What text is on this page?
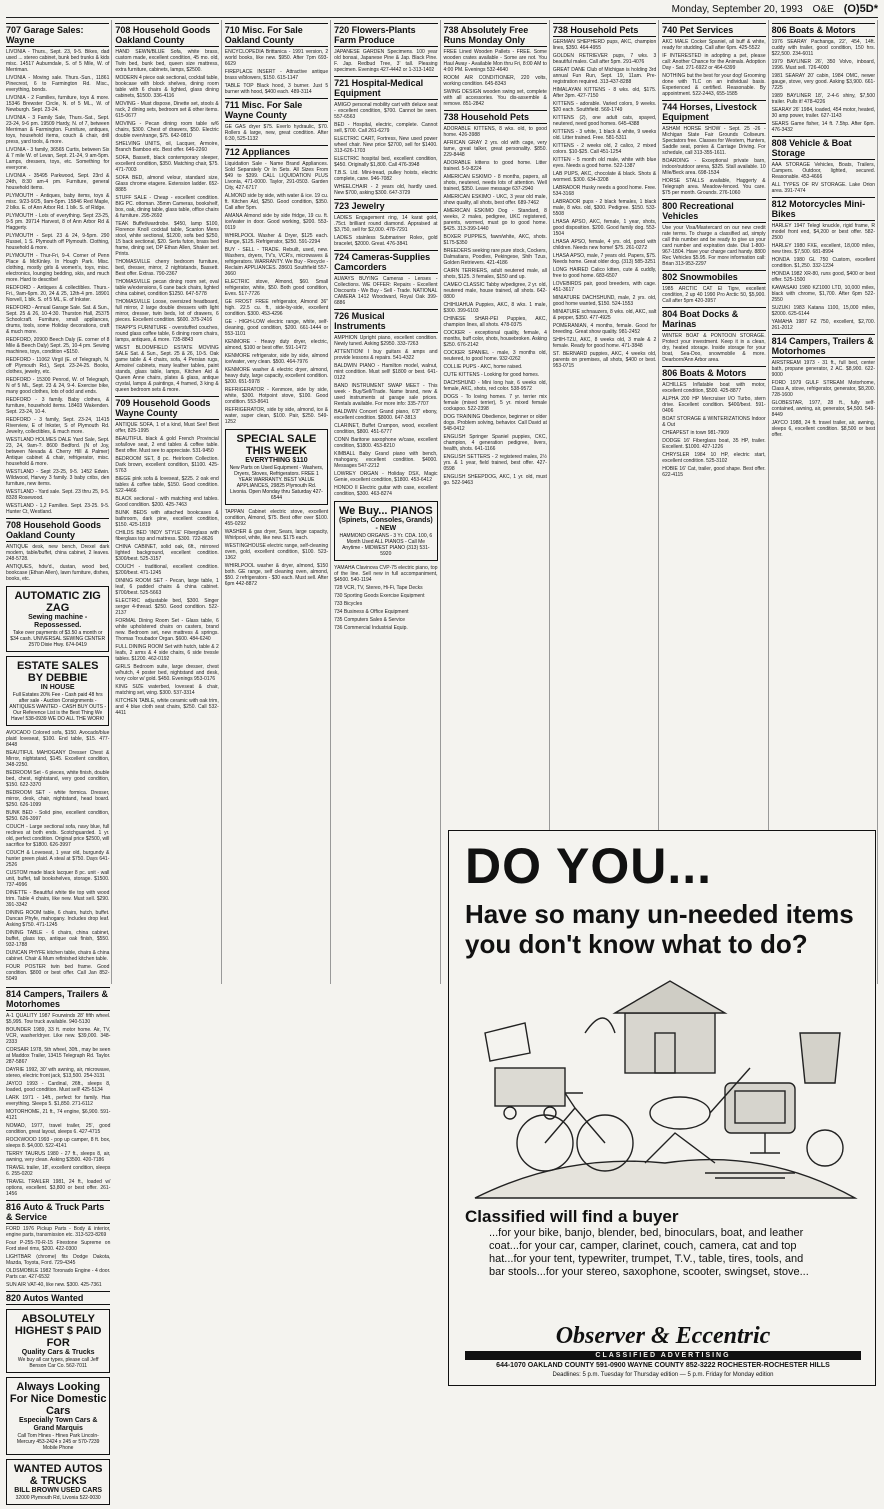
Monday, September 20, 1993 O&E (O)5D*
707 Garage Sales: Wayne
LIVONIA - Thurs., Sept. 23, 9-5. Bikes, dad used ... stereo cabinet, bunk bed trunks & kids misc. 14517 Auburndale, S. of 5 Mile, W. of Merriman.
LIVONIA - Moving sale. Thurs.-Sun., 11861 Pinecrest, 6 to Farmington Rd. Misc., everything, bonds.
LIVONIA - 2 Families, furniture, toys & more. 15346 Brewster Circle, N. of 5 ML., W. of Newburgh. Sept. 23-24.
LIVONIA - 3 Family Sale, Thurs.-Sat., Sept. 23-24, 9-6 pm. 19509 Hardy, N. of 7, between Merriman & Farmington. Furniture, antiques, toys, household items, couch & chair, drill press, yard tools, & more.
LIVONIA - 3 family, 36565 Curtis, between Six & 7 mile W. of Levan, Sept. 21-24, 9 am-5pm. Lamps, dressers, toys, etc. Something for everyone.
LIVONIA - 35495 Parkwood, Sept. 23rd & 24th, 8:30 am-4 pm. Furniture, general household items.
PLYMOUTH - Antiques, baby items, toys & misc. 9/23-9/25, 9am-5pm. 15846 Red Maple, 2 blks. E. of Ann Arbor Rd. 1 blk. S. of Ridge.
PLYMOUTH - Lots of everything. Sept 23-25, 9-5 pm. 39714 Harvest, 8 of Ann Arbor Rd & Haggerty.
PLYMOUTH - Sept. 23 & 24, 9-5pm. 290 Russel, 1 S. Plymouth off Plymouth. Clothing, household & more.
PLYMOUTH - Thur-Fri, 9-4. Corner of Penn Place & McKinley. In Hough Park. Misc. clothing, mostly girls & women's, toys, misc. electronics, lounging bedding, skis, and much more. Hard to describe!
REDFORD - Antiques & collectibles. Thurs.-Fri., 9am-6pm. 20, 24 & 25, 12th-4 pm. 18901 Norvell, 1 blk. S. of 5 ML, E. of Inkster.
REDFORD - Annual Garage Sale. Sat. & Sun., Sept. 25 & 26, 10-4:30. Thurston Hall, 25375 Schoolcraft. Furniture, small appliances, drums, tools, some Holiday decorations, craft & much more.
REDFORD, 20900 Beech Daly (E. corner of 8 Mile & Beech Daly) Sept. 25, 10-4 pm. Sewing machines, toys, condition +$150.
REDFORD - 11062 Virgil (E. of Telegraph, N. off Plymouth Rd.), Sept. 23-24-25. Books, clothes, jewelry, etc.
REDFORD - 15300 Penrod, W. of Telegraph, N of 5 ML, Sept. 23 & 24, 9-4. Exercise bike, many good clothes, lots of odd and ends.
REDFORD - 3 family. Baby clothes, & furniture, household items. 18403 Wakenden. Sept. 23-24, 10-4.
REDFORD - 3 family, Sept. 23-24, 11415 Riverview, E of Inkster, S of Plymouth Rd. Jewelry, collectibles, & much more.
WESTLAND HOLMES DALE Yard Sale, Sept. 23, 24, 9am-?. 8600 Bedford. (N of Joy, between Nevada & Cherry Hill & Palmer) Antique cabinet & chair, refrigerator, misc. household & more.
WESTLAND - Sept 23-25, 9-5. 1452 Edwin. Wildwood, Harvey 3 family. 3 baby cribs, den furniture, new items.
WESTLAND - Yard sale. Sept. 23 thru 25, 9-5. 8328 Rosewood.
WESTLAND - 1,2 Families. Sept. 23-25. 9-5. Hunter Ct, Westland.
708 Household Goods Oakland County
ANTIQUE desk, new bench, Drexel dark modern, table/buffet, china cabinet, 2 leaves. 248-5728.
ANTIQUES, hdw'd., dustan, wood bed, bookcase (Ethan Allen), lawn furniture, dishes, books, etc.
AUTOMATIC ZIG ZAG
Sewing machine - Repossessed.
Take over payments of $3.50 a month or $34 cash. UNIVERSAL SEWING CENTER 2570 Dixie Hwy. 674-0419
ESTATE SALES BY DEBBIE
IN HOUSE
Full Estates 20% Fee - Cash paid 48 hrs after sale - Auction Consignments - ANTIQUES WANTED - CASH BUY OUTS - Our Reference List is the Best Thing We Have! 538-0939 WE DO ALL THE WORK!
AVOCADO Colored sofa, $150. Avocado/blue plaid loveseat, $100. End table, $15. 477-8448
BEAUTIFUL MAHOGANY Dresser Chest & Mirror, nightstand, $145. Excellent condition, 348-2250.
BEDROOM Set - 6 pieces, white finish, double bed, chest, nightstand, very good condition, $150. 622-3370
BEDROOM SET - white formica. Dresser, mirror, desk, chair, nightstand, head board. $250. 626-1099
BUNK BED - Solid pine, excellent condition, $250. 626-3997
COUCH - Large sectional sofa, navy blue, full reclines at both ends. Scotchguarded. 1 yr. old, perfect condition. Original price $2500, will sacrifice for $1800. 626-3997
COUCH & Loveseat, 1 year old, burgundy & hunter green plaid. A steal at $750. Days 641-2526
CUSTOM made black lacquer 8 pc. unit - wall unit, buffet, tall bookshelves, storage. $1500. 737-4996
DINETTE - Beautiful white tile top with wood trim. Table 4 chairs, like new. Must sell. $290. 391-3342
DINING ROOM table, 6 chairs, hutch, buffet. Duncan Phyfe, mahogany. Includes drop leaf. Asking $750. 471-1245
DINING TABLE - 6 chairs, china cabinet, buffet, glass top, antique oak finish, $550. 932-1788
DUNCAN PHYFE kitchen table, chairs & china cabinet. Chair & Mum refinished kitchen table.
FOUR POSTER twin bed frame. Good condition. $800 or best offer. Call Jan 852-5049
708 Household Goods Oakland County
HAND SEWN/BLUE Sofa, white brass, custom made, excellent condition, 45 mo. old, Twin bed, bunk bed, queen size mattress, extra furniture, cabinets, lamps, $2500.
MODERN 4 piece oak sectional, cocktail table, bookcase with block shelves, dining room table with 6 chairs & lighted, glass dining cabinets, $1500. 336-4116
MOVING - Must dispose, Dinette set, stools & rack, 2 dining sets, bedroom set & other items. 615-0677
MOVING - Pecan dining room table w/6 chairs, $300. Chest of drawers, $50. Electric double oven/range, $75. 642-0810
SHELVING UNITS, oil, Lacquer, Armoire, Branch Bamboo etc. Best offer. 646-2260
SOFA, Bassett, black contemporary sleeper, excellent condition, $350. Matching chair, $75. 471-7003
SOFA BED, almond velour, standard size, Glass chrome etagere. Extension ladder. 652-8885
STUFF SALE - Cheap - excellent condition. BIG PC. ottoman. 35mm Cameras, bookshelf, box, oak, dining table, glass table, office chairs & furniture. 295-2692
TEAK Buffet/wardrobe. $450, lamp $100, Florence Knoll cocktail table, Scanlon Mens stool, white sectional, $1200, sofa bed $250, 15 back sectional, $20. Serta futon, brass bed frame, dining set, DP Ethan Allen, Shaker set. Prints.
THOMASVILLE cherry bedroom furniture, bed, dresser, mirror, 2 nightstands, Bassett. Best offer. Extras. 790-2367
THOMASVILLE pecan dining room set, oval table w/extensions, 6 cane back chairs, lighted china cabinet, condition $1250. 647-5778
THOMASVILLE Loose, oversized headboard, full mirror, 2 large double dressers with light mirror, dresser, twin beds, lot of drawers, 6 pieces. Excellent condition. $600. 375-2416
TRAPP'S FURNITURE - overstuffed couches, round glass coffee table, 6 dining room chairs, lamps, antiques, & more. 735-8843
WEST BLOOMFIELD ESTATE MOVING SALE Sat. & Sun., Sept. 25 & 26, 10-5. Oak game table & 4 chairs, sofa, 4 Persian rugs, Armoire/ cabinets, many leather tables, paint stands, glass table, lamps, Kitchen Aid & Queen Anne chairs, plates & glass, antique crystal, lamps & paintings, 4 framed, 3 king & queen bedroom sets & more.
709 Household Goods Wayne County
ANTIQUE SOFA, 1 of a kind, Must See! Best offer, 825-1995
BEAUTIFUL black & gold French Provincial sofa/love seat, 2 end tables & coffee table. Best offer. Must see to appreciate. 531-9450
BEDROOM SET, 8 pc. Heirloom Collection. Dark brown, excellent condition, $1100. 425-5763
BIEGE pink sofa & loveseat, $225. 2 oak end tables & coffee table, $150. Good condition. 522-4466
BLACK sectional - with matching end tables. Good condition. $200. 425-7463
BUNK BEDS with attached bookcases & bathroom, dark pine, excellent condition, $150. 425-1819
CHILDS BED 'INDY STYLE' Fiberglass with fiberglass top and mattress. $300. 722-8626
CHINA CABINET, solid oak, 6ft., mirrored lighted background, excellent condition. $300/best. 525-3157
COUCH - traditional, excellent condition. $200/best. 471-1245
DINING ROOM SET - Pecan, large table, 1 leaf, 6 padded chairs & china cabinet. $700/best. 525-5663
ELECTRIC adjustable bed, $300. Singer serger 4-thread. $250. Good condition. 522-2137
FORMAL Dining Room Set - Glass table, 6 white upholstered chairs on casters, brand new. Bedroom set, new mattress & springs. Thomas Troubador Organ. $600. 484-6240
FULL DINING ROOM Set with hutch, table & 2 leafs, 2 arms & 4 side chairs, 6 side tressle tables. $1200. 462-0192
GIRLS Bedroom suite, large dresser, chest w/hutch, 4 poster bed, nightstand and desk, ivory color w/ gold. $450. Evenings 953-0176
KING SIZE waterbed, loveseat & chair, matching set, wing. $300. 537-3314
KITCHEN TABLE, white ceramic with oak trim, and 4 blue cloth seat chairs, $250. Call 532-4411
710 Misc. For Sale Oakland County
ENCYCLOPEDIA Brittanica - 1991 version, 2 world books, like new. $950. After 7pm 693-6629
FIREPLACE INSERT - Attractive antique brass w/blowers, $150. 615-1147
TABLE TOP Black hood, 3 burner. Just 5 burner with hood, $400 each. 489-3114
711 Misc. For Sale Wayne County
GE GAS dryer $75. Everlo hydraulic, $70. Rollers & large, new, great condition. After 6:30, 525-1132
712 Appliances
Liquidation Sale - Name Brand Appliances. Sold Separately Or In Sets. All Sizes From $49 to $399. CALL LIQUIDATION PLUS Livonia, 471-0000. Taylor, 291-0503. Garden City, 427-6717
ALMOND side by side, with water & ice. 19 cu. ft. Kitchen Aid, $250. Good condition, $350. Call after 5pm.
AMANA Almond side by side fridge, 19 cu. ft. ice/water in door. Good working, $200. 553-0119
WHIRLPOOL Washer & Dryer, $125 each. Range, $125. Refrigerator, $250. 591-2294
BUY - SELL - TRADE. Rebuilt, used, new. Washers, dryers, TV's, VCR's, microwaves & refrigerators. WARRANTY. We Buy - Recycle - Reclaim APPLIANCES. 28601 Southfield 557-3660
ELECTRIC stove, Almond, $60. Small refrigerator, white, $50. Both good condition, Eves. 517-7726
GE FROST FREE refrigerator, Almond 36" high. 22.5 cu. ft., side-by-side, excellent condition. $300. 453-4296
GE - HIGH-LOW electric range, white, self-cleaning, good condition, $200. 661-1444 or 553-1101
KENMORE - Heavy duty dryer, electric, almond, $100 or best offer. 591-1472
KENMORE refrigerator, side by side, almond ice/water, very clean. $500. 464-7976
KENMORE washer & electric dryer, almond, heavy duty, large capacity, excellent condition. $200. 651-5978
REFRIGERATOR - Kenmore, side by side, white, $300. Hotpoint stove, $100. Good condition. 553-8641
REFRIGERATOR, side by side, almond, ice & water, super clean, $100. Pair, $250. 549-1252
SPECIAL SALE THIS WEEK
EVERYTHING $110
New Parts on Used Equipment - Washers, Dryers, Stoves, Refrigerators. FREE 1 YEAR WARRANTY. BEST VALUE APPLIANCES, 29825 Plymouth Rd. Livonia. Open Monday thru Saturday 427-6544
TAPPAN Cabinet electric stove, excellent condition, Almond, $75. Best offer over $100. 455-0292
WASHER & gas dryer, Sears, large capacity, Whirlpool, white, like new. $175 each.
WESTINGHOUSE electric range, self-cleaning oven, gold, excellent condition, $100. 523-1362
WHIRLPOOL washer & dryer, almond, $150 both. GE range, self cleaning oven, almond, $50. 2 refrigerators - $30 each. Must sell. After 6pm 442-8872
720 Flowers-Plants Farm Produce
JAPANESE GARDEN Specimens. 100 year old bonsai, Japanese Pine & Jap. Black Pine. F. Jap. Redbud Tree, 3' tall. Pleasing specimen. Evenings 427-4442 or 1-313-1402
721 Hospital-Medical Equipment
AMIGO personal mobility cart with deluxe seat - excellent condition, $700. Cannot be seen. 557-6563
BED - Hospital, electric, complete. Cannot sell, $700. Call 261-6279
ELECTRIC CART, Fortress, New used power wheel chair. New price $2700, sell for $1400. 313-626-1703
ELECTRIC hospital bed, excellent condition, $450. Originally $1,800. Call 476-3948
T.B.S. Ltd. Mini-tread, pulley hoists, electric complete, cane. 946-7082
WHEELCHAIR - 2 years old, hardly used. New $700, asking $300. 647-3729
723 Jewelry
LADIES Engagement ring, 14 karat gold, .75ct. brilliant round diamond. Appraised at $3,750, sell for $2,000. 478-7291
LADIES stainless Submariner Rolex, gold bracelet, $2000. Great. 476-3841
724 Cameras-Supplies Camcorders
ALWAYS BUYING Cameras - Lenses - Collections. WE OFFER: Repairs - Excellent Discounts - We Buy - Sell - Trade. NATIONAL CAMERA 1412 Woodward, Royal Oak 399-6886
726 Musical Instruments
AMPHION Upright piano, excellent condition. Newly tuned. Asking $2950. 333-7263
ATTENTION! I buy guitars & amps and provide lessons & repairs. 541-4322
BALDWIN PIANO - Hamilton model, walnut, mint condition. Must sell! $1800 or best. 641-0122
BAND INSTRUMENT SWAP MEET - This week - Buy/Sell/Trade. Name brand, new & used instruments at garage sale prices. Rentals available. For more info: 335-7707
BALDWIN Concert Grand piano, 6'3" ebony, excellent condition. $8000. 647-3813
CLARINET, Buffet Crampon, wood, excellent condition, $800. 451-6777
CONN Baritone saxophone w/case, excellent condition, $1800. 453-8210
KIMBALL Baby Grand piano with bench, mahogany, excellent condition. $4000. Messages 547-2212
LOWREY ORGAN - Holiday DSX, Magic Genie, excellent condition, $1800. 453-6412
HONDO II Electric guitar with case, excellent condition, $300. 463-8274
We Buy... PIANOS
(Spinets, Consoles, Grands) - NEW
HAMMOND ORGANS - 3 Yr. CDA. 100, 6 Month Used ALL PIANOS - Call Me Anytime - MIDWEST PIANO (313) 531-5920
YAMAHA Clavinova CVP-75 electric piano, top of the line. Sell new in full accompaniment, $4500. 540-1194
728 VCR, TV, Stereo, Hi-Fi, Tape Decks
730 Sporting Goods Exercise Equipment
733 Bicycles
734 Business & Office Equipment
735 Computers Sales & Service
736 Commercial Industrial Equip.
738 Absolutely Free Runs Monday Only
FREE Lined Wooden Pallets - FREE. Some wooden crates available - Some are not. You Haul Away - Available Mon thru Fri, 8:00 AM to 4:00 PM. Evenings 532-4640
ROOM AIR CONDITIONER, 220 volts, working condition. 645-8343
SWING DESIGN wooden swing set, complete with all accessories. You dis-assemble & remove. 851-2842
738 Household Pets
ADORABLE KITTENS, 8 wks. old, to good home. 426-3988
AFRICAN GRAY 2 yrs. old with cage, very tame, great talker, great personality. $850. 229-8448
ADORABLE kittens to good home. Litter trained. 5-9-8224
AMERICAN ESKIMO - 8 months, papers, all shots, neutered, needs lots of attention. Well trained, $350. Leave message 637-2940
AMERICAN ESKIMO - UKC, 3 year old male, show quality, all shots, best offer. 689-7462
AMERICAN ESKIMO Dog - Standard, 8 weeks, 2 males, pedigree, UKC registered, parents, wormed, must go to good home. $425. 313-399-1440
BOXER PUPPIES, fawn/white, AKC, shots. $175-$350
BREEDERS seeking rare pure stock, Cockers, Dalmatians, Poodles, Pekingese, Shih Tzus, Golden Retrievers. 421-4186
CAIRN TERRIERS, adult neutered male, all shots, $125. 3 females, $150 and up.
CAMEO CLASSIC Tabby w/pedigree, 2 yr. old, neutered male, house trained, all shots. 642-0800
CHIHUAHUA Puppies, AKC, 8 wks. 1 male, $300. 399-6103
CHINESE SHAR-PEI Puppies, AKC, champion lines, all shots. 478-0375
COCKER - exceptional quality, female, 4 months, buff color, shots, housebroken. Asking $250. 676-2142
COCKER SPANIEL - male, 3 months old, neutered, to good home. 932-0262
COLLIE PUPS - AKC, home raised.
CUTE KITTENS - Looking for good homes.
DACHSHUND - Mini long hair, 6 weeks old, female, AKC, shots, red color. 538-9572
DOGS - To loving homes. 7 yr. terrier mix female (mixed terrier), 5 yr. mixed female cockapoo. 522-2398
DOG TRAINING Obedience, beginner or older dogs. Problem solving, behavior. Call David at 548-0412
ENGLISH Springer Spaniel puppies, CKC, champion, 4 generation pedigree, livers, health, shots. 641-1166
ENGLISH SETTERS - 2 registered males, 2½ yrs. & 1 year, field trained, best offer. 427-0598
ENGLISH SHEEPDOG, AKC, 1 yr. old, must go. 522-9463
738 Household Pets
GERMAN SHEPHERD pups, AKC, champion lines, $350. 464-4955
GOLDEN RETRIEVER pups, 7 wks. 3 beautiful males. Call after 5pm. 291-4076
GREAT DANE Club of Michigan is holding 3rd annual Fun Run, Sept. 19, 11am. Pre-registration required. 313-437-8288
HIMALAYAN KITTENS - 8 wks. old, $175. After 3pm. 427-7150
KITTENS - adorable. Varied colors, 9 weeks. $20 each. Southfield. 569-1749
KITTENS (2), one adult cats, spayed, neutered, need good homes. 645-4388
KITTENS - 3 white, 1 black & white, 9 weeks old. Litter trained. Free. 581-5311
KITTENS - 2 weeks old, 2 calico, 2 mixed colors. $10-$25. Call 451-1254
KITTEN - 5 month old male, white with blue eyes. Needs a good home. 522-1387
LAB PUPS, AKC, chocolate & black. Shots & wormed. $300. 634-3208
LABRADOR Husky needs a good home. Free. 534-3168
LABRADOR pups - 2 black females, 1 black male, 8 wks. old, $300. Pedigree. $150. 533-5508
LHASA APSO, AKC, female, 1 year, shots, good disposition. $200. Good family dog. 553-1504
LHASA APSO, female, 4 yrs. old, good with children. Needs new home! $75. 261-0272
LHASA APSO, male, 7 years old. Papers, $75. Needs home. Great older dog. (313) 585-3251
LONG HAIRED Calico kitten, cute & cuddly, free to good home. 683-6507
LOVEBIRDS pair, good breeders, with cage. 451-3617
MINIATURE DACHSHUND, male, 2 yrs. old, good home wanted, $150. 524-1553
MINIATURE schnauzers, 8 wks. old, AKC, salt & pepper, $350. 477-4925
POMERANIAN, 4 months, female. Good for breeding. Great show quality. 981-2452
SHIH-TZU, AKC, 8 weeks old, 3 male & 2 female. Ready for good home. 471-3848
ST. BERNARD puppies, AKC, 4 weeks old, parents on premises, all shots, $400 or best. 953-0715
740 Pet Services
AKC MALE Cocker Spaniel, all buff & white, ready for studding. Call after 6pm. 425-5522
IF INTERESTED in adopting a pet, please call: Another Chance for the Animals. Adoption Day - Sat. 271-6922 or 464-6399
NOTHING but the best for your dog! Grooming done with TLC on an individual basis. Experienced & certified. Reasonable. By appointment. 522-2443, 655-1585
744 Horses, Livestock Equipment
ASHAM HORSE SHOW - Sept. 25 -26 - Michigan State Fair Grounds Coliseum. Spectators free. Classes for Western, Hunters, Saddle seat, ponies & Carriage Driving. For schedule, call 313-355-1611.
BOARDING - Exceptional private barn, indoor/outdoor arena, $325. Stall available. 10 Mile/Beck area. 698-1534
HORSE STALLS available, Haggerty & Telegraph area. Meadow-fenced. You care. $75 per month. Grounds. 276-1060
800 Recreational Vehicles
Use your Visa/Mastercard on our new credit rate terms. To charge a classified ad, simply call this number and be ready to give us your card number and expiration date. Dial 1-800-967-1804. Have your charge card handy. 8800 Rec Vehicles $5.95. For more information call: Brian 313-953-2297
802 Snowmobiles
1985 ARCTIC CAT El Tigre, excellent condition, 2 up 40 1990 Pro Arctic 50, $5,900. Call after 5pm 420-3957
804 Boat Docks & Marinas
WINTER BOAT & PONTOON STORAGE. Protect your investment. Keep it in a clean, dry, heated storage. Inside storage for your boat, Sea-Doo, snowmobile & more. Dearborn/Ann Arbor area.
806 Boats & Motors
ACHILLES Inflatable boat with motor, excellent condition, $500. 425-8877
ALPHA 200 HP Mercruiser I/O Turbo, stern drive. Excellent condition. $400/best. 591-0406
BOAT STORAGE & WINTERIZATIONS Indoor & Out
CHEAPEST in town 981-7909
DODGE 16' Fiberglass boat, 35 HP, trailer. Excellent. $1000. 427-1226
CHRYSLER 1984 10 HP, electric start, excellent condition. 525-3102
HOBIE 16' Cat, trailer, good shape. Best offer. 622-4115
806 Boats & Motors
1976 SEARAY Pachanga, 22', 454, 14ft. cuddy with trailer, good condition, 150 hrs. $22,500. 234-6011
1979 BAYLINER 26', 350 Volvo, inboard, 1996. Must sell. 726-4000
1981 SEARAY 20' cabin, 1984 OMC, newer gauge, stove, very good. Asking $3,900. 661-7225
1989 BAYLINER 18', 2-4-6 shiny, $7,500 trailer. Pulls it! 478-4226
SEARAY 26' 1984, loaded, 454 motor, heated, 30 amp power, trailer. 627-1143
SEARS Game fisher, 14 ft. 7.5hp. After 6pm. 476-3432
808 Vehicle & Boat Storage
AAA STORAGE Vehicles, Boats, Trailers, Campers. Outdoor, lighted, secured. Reasonable. 453-4666
ALL TYPES OF RV STORAGE. Lake Orion area. 391-7474
812 Motorcycles Mini-Bikes
HARLEY 1947 Telegl knuckle, rigid frame, R model front end, $4,200 or best offer. 582-2500
HARLEY 1980 FXE, excellent, 18,000 miles, new tires. $7,500. 681-8994
HONDA 1980 GL 750 Custom, excellent condition. $1,250. 332-1234
HONDA 1982 XR-80, runs good, $400 or best offer. 525-1500
KAWASAKI 1980 KZ1000 LTD, 10,000 miles, black with chrome, $1,700. After 6pm 522-2550
SUZUKI 1983 Katana 1100, 15,000 miles, $2000. 625-6144
YAMAHA 1987 FZ 750, excellent, $2,700. 261-2012
814 Campers, Trailers & Motorhomes
AIRSTREAM 1973 - 31 ft., full bed, center bath, propane generator, 2 AC. $8,900. 622-9000
FORD 1979 GULF STREAM Motorhome, Class A, stove, refrigerator, generator, $8,200. 728-1600
GLOBESTAR, 1977, 28 ft., fully self-contained, awning, air, generator, $4,500. 549-8449
JAYCO 1988, 24 ft. travel trailer, air, awning, sleeps 6, excellent condition. $8,500 or best offer.
814 Campers, Trailers & Motorhomes
A-1 QUALITY 1987 Fourwinds 28' fifth wheel. $5,995. Tow truck available. 940-5130
BOUNDER 1989, 33 ft. motor home. Air, TV, VCR, washer/dryer. Like new. $39,000. 348-2333
CORSAIR 1978, 5th wheel, 30ft., may be seen at Maddox Trailer, 13415 Telegraph Rd. Taylor. 287-5867
DAYRIE 1992, 30' wth awning, air, microwave, stereo, electric front jack, $13,500. 254-3131
JAYCO 1993 - Cardinal, 26ft., sleeps 8, loaded, good condition. Must sell! 425-5134
LARK 1971 - 14ft., perfect for family. Has everything. Sleeps 5. $1,850. 271-6112
MOTORHOME, 21 ft., 74 engine, $6,900. 591-4121
NOMAD, 1977, travel trailer, 25', good condition, great layout, sleeps 6. 427-4715
ROCKWOOD 1993 - pop up camper, 8 ft. box, sleeps 8. $4,000. 522-4141
TERRY TAURUS 1980 - 27 ft., sleeps 8, air, awning, very clean. Asking $3500. 420-7186
TRAVEL trailer, 18', excellent condition, sleeps 6. 255-0202
TRAVEL TRAILER 1981, 24 ft., loaded w/ options, excellent. $3,800 or best offer. 261-1456
816 Auto & Truck Parts & Service
FORD 1976 Pickup Parts - Body & interior, engine parts, transmission etc. 313-523-8269
Four P-255-70-R-15 Firestone Supreme on Ford steel rims, $200. 422-0300
LIGHTBAR (chrome) fits Dodge Dakota, Mazda, Toyota, Ford. 729-4345
OLDSMOBILE 1982 Toronado Engine - 4 door. Parts car. 427-6532
SUN AIR VAT-40, like new. $300. 425-7361
820 Autos Wanted
ABSOLUTELY HIGHEST $ PAID FOR
Quality Cars & Trucks
We buy all car types, please call Jeff Benson Car Co. 562-7011
Always Looking For Nice Domestic Cars
Especially Town Cars & Grand Marquis
Call Tom Hines - Hines Park Lincoln-Mercury 453-2424 x 245 or 570-7239 Mobile Phone
WANTED AUTOS & TRUCKS
BILL BROWN USED CARS
32000 Plymouth Rd, Livonia 522-0030
DO YOU...
Have so many un-needed items you don't know what to do?
Classified will find a buyer
...for your bike, banjo, blender, bed, binoculars, boat, and leather coat...for your car, camper, clarinet, couch, camera, cat and top hat...for your tent, typewriter, trumpet, T.V., table, tires, tools, and bar stools...for your stereo, saxophone, scooter, swingset, stove...
Observer & Eccentric
CLASSIFIED ADVERTISING
644-1070 OAKLAND COUNTY 591-0900 WAYNE COUNTY 852-3222 ROCHESTER-ROCHESTER HILLS
Deadlines: 5 p.m. Tuesday for Thursday edition — 5 p.m. Friday for Monday edition
